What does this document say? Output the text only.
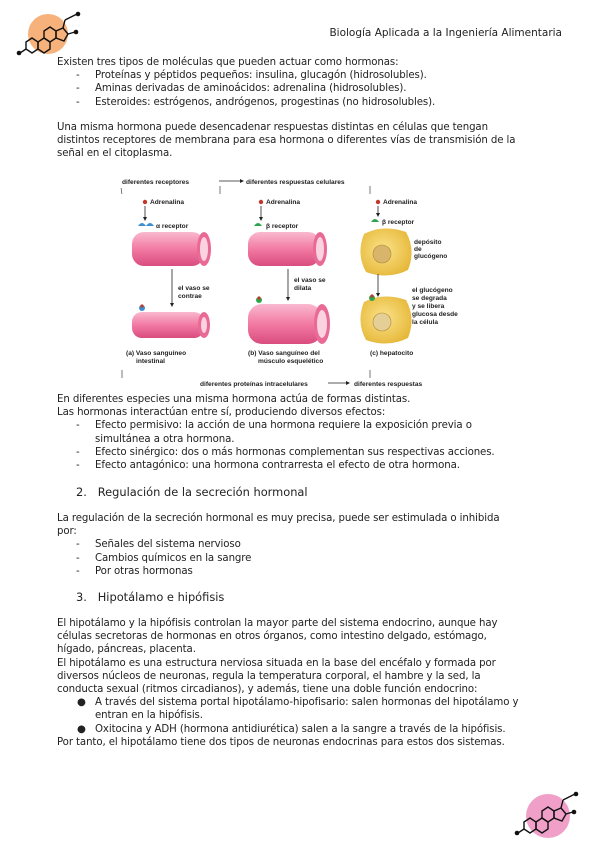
Biología Aplicada a la Ingeniería Alimentaria
Existen tres tipos de moléculas que pueden actuar como hormonas:
- Proteínas y péptidos pequeños: insulina, glucagón (hidrosolubles).
- Aminas derivadas de aminoácidos: adrenalina (hidrosolubles).
- Esteroides: estrógenos, andrógenos, progestinas (no hidrosolubles).
Una misma hormona puede desencadenar respuestas distintas en células que tengan
distintos receptores de membrana para esa hormona o diferentes vías de transmisión de la
señal en el citoplasma.
diferentes receptores	diferentes respuestas celulares
Adrenalina
α receptor
el vaso se
contrae
(a) Vaso sanguíneo
intestinal
Adrenalina
β receptor
el vaso se
dilata
(b) Vaso sanguíneo del
músculo esquelético
Adrenalina
β receptor
depósito
de
glucógeno
el glucógeno
se degrada
y se libera
glucosa desde
la célula
(c) hepatocito
diferentes proteínas intracelulares	diferentes respuestas
En diferentes especies una misma hormona actúa de formas distintas.
Las hormonas interactúan entre sí, produciendo diversos efectos:
- Efecto permisivo: la acción de una hormona requiere la exposición previa o
simultánea a otra hormona.
- Efecto sinérgico: dos o más hormonas complementan sus respectivas acciones.
- Efecto antagónico: una hormona contrarresta el efecto de otra hormona.
2.   Regulación de la secreción hormonal
La regulación de la secreción hormonal es muy precisa, puede ser estimulada o inhibida
por:
- Señales del sistema nervioso
- Cambios químicos en la sangre
- Por otras hormonas
3.   Hipotálamo e hipófisis
El hipotálamo y la hipófisis controlan la mayor parte del sistema endocrino, aunque hay
células secretoras de hormonas en otros órganos, como intestino delgado, estómago,
hígado, páncreas, placenta.
El hipotálamo es una estructura nerviosa situada en la base del encéfalo y formada por
diversos núcleos de neuronas, regula la temperatura corporal, el hambre y la sed, la
conducta sexual (ritmos circadianos), y además, tiene una doble función endocrino:
● A través del sistema portal hipotálamo-hipofisario: salen hormonas del hipotálamo y
entran en la hipófisis.
● Oxitocina y ADH (hormona antidiurética) salen a la sangre a través de la hipófisis.
Por tanto, el hipotálamo tiene dos tipos de neuronas endocrinas para estos dos sistemas.
